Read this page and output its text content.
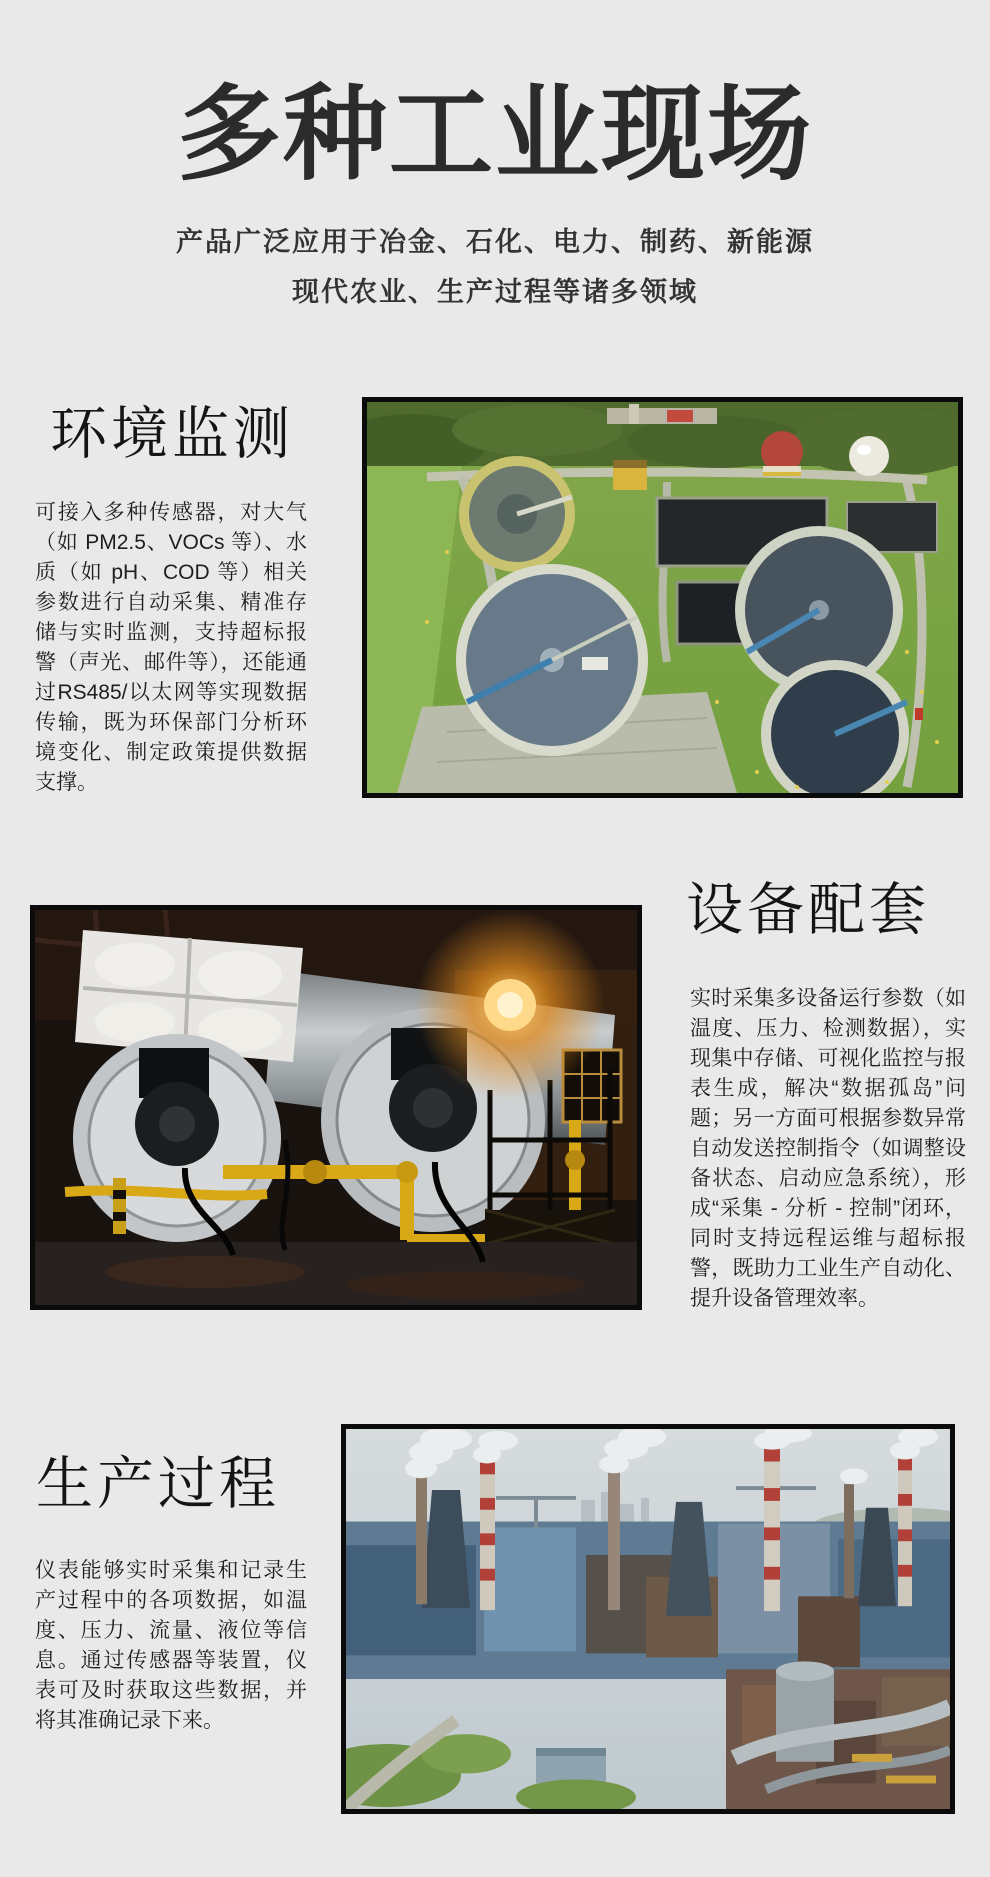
多种工业现场
产品广泛应用于冶金、石化、电力、制药、新能源
现代农业、生产过程等诸多领域
环境监测

可接入多种传感器，对大气（如 PM2.5、VOCs 等）、水质（如 pH、COD 等）相关参数进行自动采集、精准存储与实时监测，支持超标报警（声光、邮件等），还能通过RS485/以太网等实现数据传输，既为环保部门分析环境变化、制定政策提供数据支撑。

设备配套

实时采集多设备运行参数（如温度、压力、检测数据），实现集中存储、可视化监控与报表生成，解决“数据孤岛”问题；另一方面可根据参数异常自动发送控制指令（如调整设备状态、启动应急系统），形成“采集 - 分析 - 控制”闭环，同时支持远程运维与超标报警，既助力工业生产自动化、提升设备管理效率。

生产过程

仪表能够实时采集和记录生产过程中的各项数据，如温度、压力、流量、液位等信息。通过传感器等装置，仪表可及时获取这些数据，并将其准确记录下来。
